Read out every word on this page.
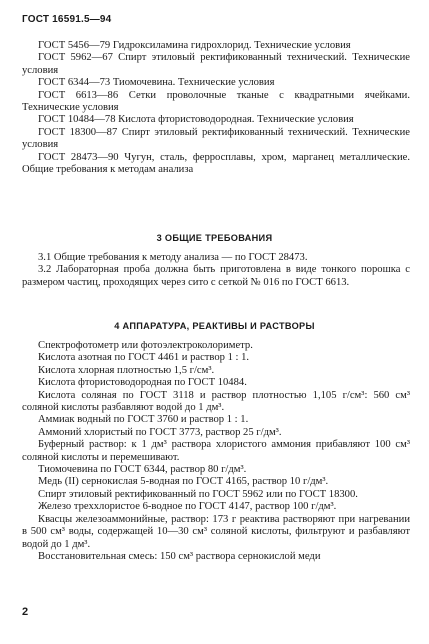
ГОСТ 16591.5—94

ГОСТ 5456—79 Гидроксиламина гидрохлорид. Технические условия

ГОСТ 5962—67 Спирт этиловый ректификованный технический. Технические условия

ГОСТ 6344—73 Тиомочевина. Технические условия

ГОСТ 6613—86 Сетки проволочные тканые с квадратными ячейками. Технические условия

ГОСТ 10484—78 Кислота фтористоводородная. Технические условия

ГОСТ 18300—87 Спирт этиловый ректификованный технический. Технические условия

ГОСТ 28473—90 Чугун, сталь, ферросплавы, хром, марганец металлические. Общие требования к методам анализа

3 ОБЩИЕ ТРЕБОВАНИЯ

3.1 Общие требования к методу анализа — по ГОСТ 28473.

3.2 Лабораторная проба должна быть приготовлена в виде тонкого порошка с размером частиц, проходящих через сито с сеткой № 016 по ГОСТ 6613.

4 АППАРАТУРА, РЕАКТИВЫ И РАСТВОРЫ

Спектрофотометр или фотоэлектроколориметр.

Кислота азотная по ГОСТ 4461 и раствор 1 : 1.

Кислота хлорная плотностью 1,5 г/см³.

Кислота фтористоводородная по ГОСТ 10484.

Кислота соляная по ГОСТ 3118 и раствор плотностью 1,105 г/см³: 560 см³ соляной кислоты разбавляют водой до 1 дм³.

Аммиак водный по ГОСТ 3760 и раствор 1 : 1.

Аммоний хлористый по ГОСТ 3773, раствор 25 г/дм³.

Буферный раствор: к 1 дм³ раствора хлористого аммония прибавляют 100 см³ соляной кислоты и перемешивают.

Тиомочевина по ГОСТ 6344, раствор 80 г/дм³.

Медь (II) сернокислая 5-водная по ГОСТ 4165, раствор 10 г/дм³.

Спирт этиловый ректификованный по ГОСТ 5962 или по ГОСТ 18300.

Железо треххлористое 6-водное по ГОСТ 4147, раствор 100 г/дм³.

Квасцы железоаммонийные, раствор: 173 г реактива растворяют при нагревании в 500 см³ воды, содержащей 10—30 см³ соляной кислоты, фильтруют и разбавляют водой до 1 дм³.

Восстановительная смесь: 150 см³ раствора сернокислой меди

2
